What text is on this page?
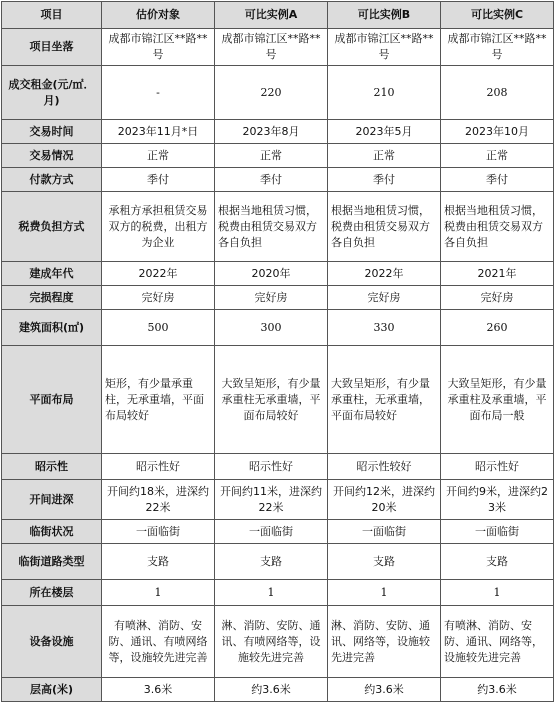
项目	估价对象	可比实例A	可比实例B	可比实例C
项目坐落	成都市锦江区**路**号	成都市锦江区**路**号	成都市锦江区**路**号	成都市锦江区**路**号
成交租金(元/㎡．月)	-	220	210	208
交易时间	2023年11月*日	2023年8月	2023年5月	2023年10月
交易情况	正常	正常	正常	正常
付款方式	季付	季付	季付	季付
税费负担方式	承租方承担租赁交易双方的税费，出租方为企业	根据当地租赁习惯，税费由租赁交易双方各自负担	根据当地租赁习惯，税费由租赁交易双方各自负担	根据当地租赁习惯，税费由租赁交易双方各自负担
建成年代	2022年	2020年	2022年	2021年
完损程度	完好房	完好房	完好房	完好房
建筑面积(㎡)	500	300	330	260
平面布局	矩形，有少量承重柱，无承重墙，平面布局较好	大致呈矩形，有少量承重柱无承重墙，平面布局较好	大致呈矩形，有少量承重柱，无承重墙，平面布局较好	大致呈矩形，有少量承重柱及承重墙，平面布局一般
昭示性	昭示性好	昭示性好	昭示性较好	昭示性好
开间进深	开间约18米，进深约22米	开间约11米，进深约22米	开间约12米，进深约20米	开间约9米，进深约23米
临街状况	一面临街	一面临街	一面临街	一面临街
临街道路类型	支路	支路	支路	支路
所在楼层	1	1	1	1
设备设施	有喷淋、消防、安防、通讯、有喷网络等，设施较先进完善	淋、消防、安防、通讯、有喷网络等，设施较先进完善	淋、消防、安防、通讯、网络等，设施较先进完善	有喷淋、消防、安防、通讯、网络等，设施较先进完善
层高(米)	3.6米	约3.6米	约3.6米	约3.6米
